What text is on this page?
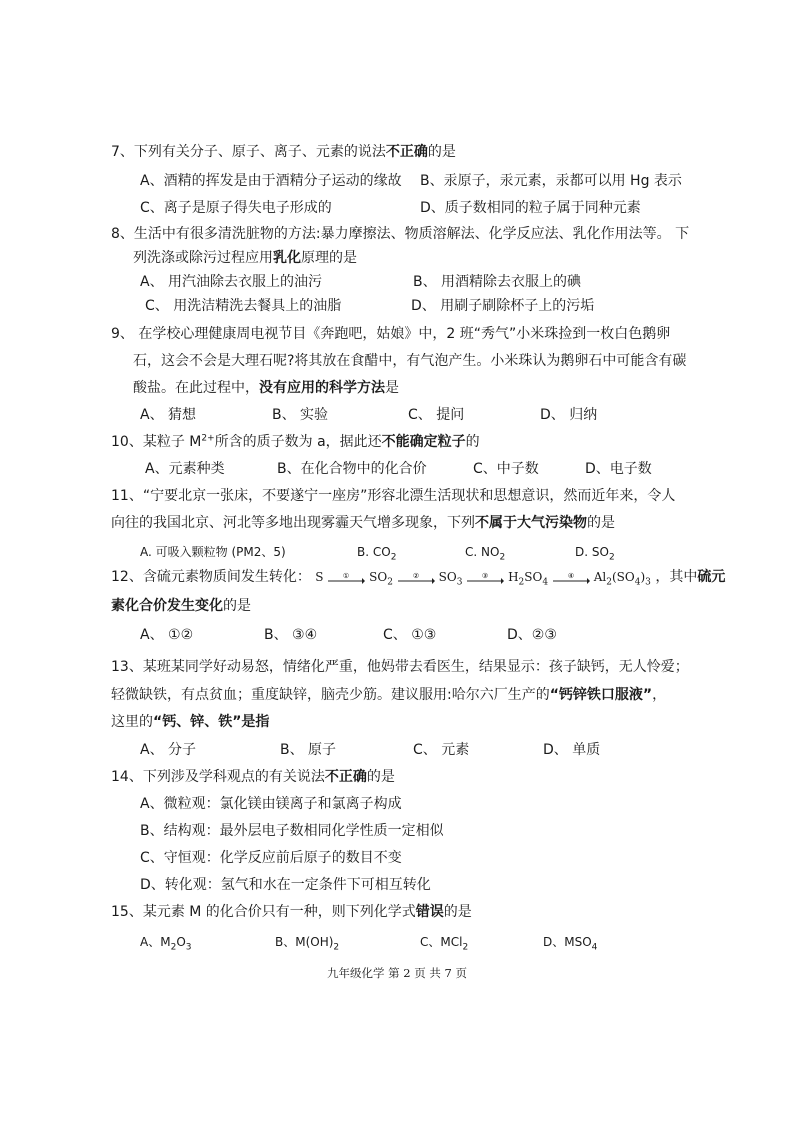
7、下列有关分子、原子、离子、元素的说法不正确的是
A、酒精的挥发是由于酒精分子运动的缘故 B、汞原子，汞元素，汞都可以用 Hg 表示
C、离子是原子得失电子形成的	D、质子数相同的粒子属于同种元素
8、生活中有很多清洗脏物的方法:暴力摩擦法、物质溶解法、化学反应法、乳化作用法等。 下
列洗涤或除污过程应用乳化原理的是
A、 用汽油除去衣服上的油污	B、 用酒精除去衣服上的碘
C、 用洗洁精洗去餐具上的油脂	D、 用刷子刷除杯子上的污垢
9、 在学校心理健康周电视节目《奔跑吧，姑娘》中，2 班“秀气”小米珠捡到一枚白色鹅卵
石，这会不会是大理石呢?将其放在食醋中，有气泡产生。小米珠认为鹅卵石中可能含有碳
酸盐。在此过程中，没有应用的科学方法是
A、 猜想	B、 实验	C、 提问	D、 归纳
10、某粒子 $M^{2+}$所含的质子数为 a，据此还不能确定粒子的
A、元素种类	B、在化合物中的化合价	C、中子数	D、电子数
11、“宁要北京一张床，不要遂宁一座房”形容北漂生活现状和思想意识，然而近年来，令人
向往的我国北京、河北等多地出现雾霾天气增多现象，下列不属于大气污染物的是
A. 可吸入颗粒物 (PM2、5)	B. $CO_2$	C. $NO_2$	D. $SO_2$
12、含硫元素物质间发生转化： S	① $SO_2$
② $SO_3$
③ $H_2SO_4$
④ $Al_2(SO_4)_3$ ，其中硫元
素化合价发生变化的是
A、 ①②	B、 ③④	C、 ①③	D、②③
13、某班某同学好动易怒，情绪化严重，他妈带去看医生，结果显示：孩子缺钙，无人怜爱；
轻微缺铁，有点贫血；重度缺锌，脑壳少筋。建议服用:哈尔六厂生产的“钙锌铁口服液”，
这里的“钙、锌、铁”是指
A、 分子	B、 原子	C、 元素	D、 单质
14、下列涉及学科观点的有关说法不正确的是
A、微粒观：氯化镁由镁离子和氯离子构成
B、结构观：最外层电子数相同化学性质一定相似
C、守恒观：化学反应前后原子的数目不变
D、转化观：氢气和水在一定条件下可相互转化
15、某元素 M 的化合价只有一种，则下列化学式错误的是
A、$M_2O_3$	B、$M(OH)_2$	C、MCl$_2$	D、$MSO_4$
九年级化学 第 2 页 共 7 页
